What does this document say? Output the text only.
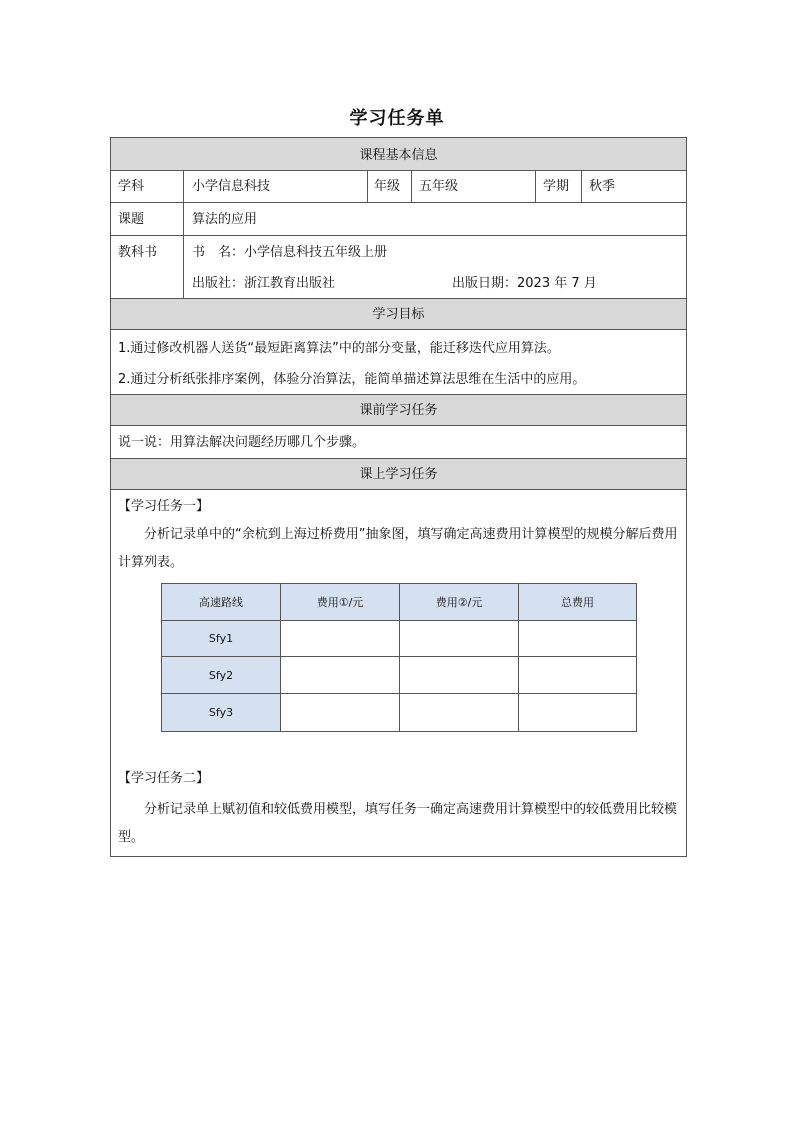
学习任务单
课程基本信息
学习目标
课前学习任务
课上学习任务
学科	小学信息科技	年级 五年级	学期 秋季
课题	算法的应用
教科书	书　名：小学信息科技五年级上册
出版社：浙江教育出版社	出版日期：2023 年 7 月
1.通过修改机器人送货“最短距离算法”中的部分变量，能迁移迭代应用算法。
2.通过分析纸张排序案例，体验分治算法，能简单描述算法思维在生活中的应用。
说一说：用算法解决问题经历哪几个步骤。
【学习任务一】
分析记录单中的“余杭到上海过桥费用”抽象图，填写确定高速费用计算模型的规模分解后费用计算列表。
【学习任务二】
分析记录单上赋初值和较低费用模型，填写任务一确定高速费用计算模型中的较低费用比较模型。
高速路线	费用①/元	费用②/元	总费用
Sfy1
Sfy2
Sfy3
